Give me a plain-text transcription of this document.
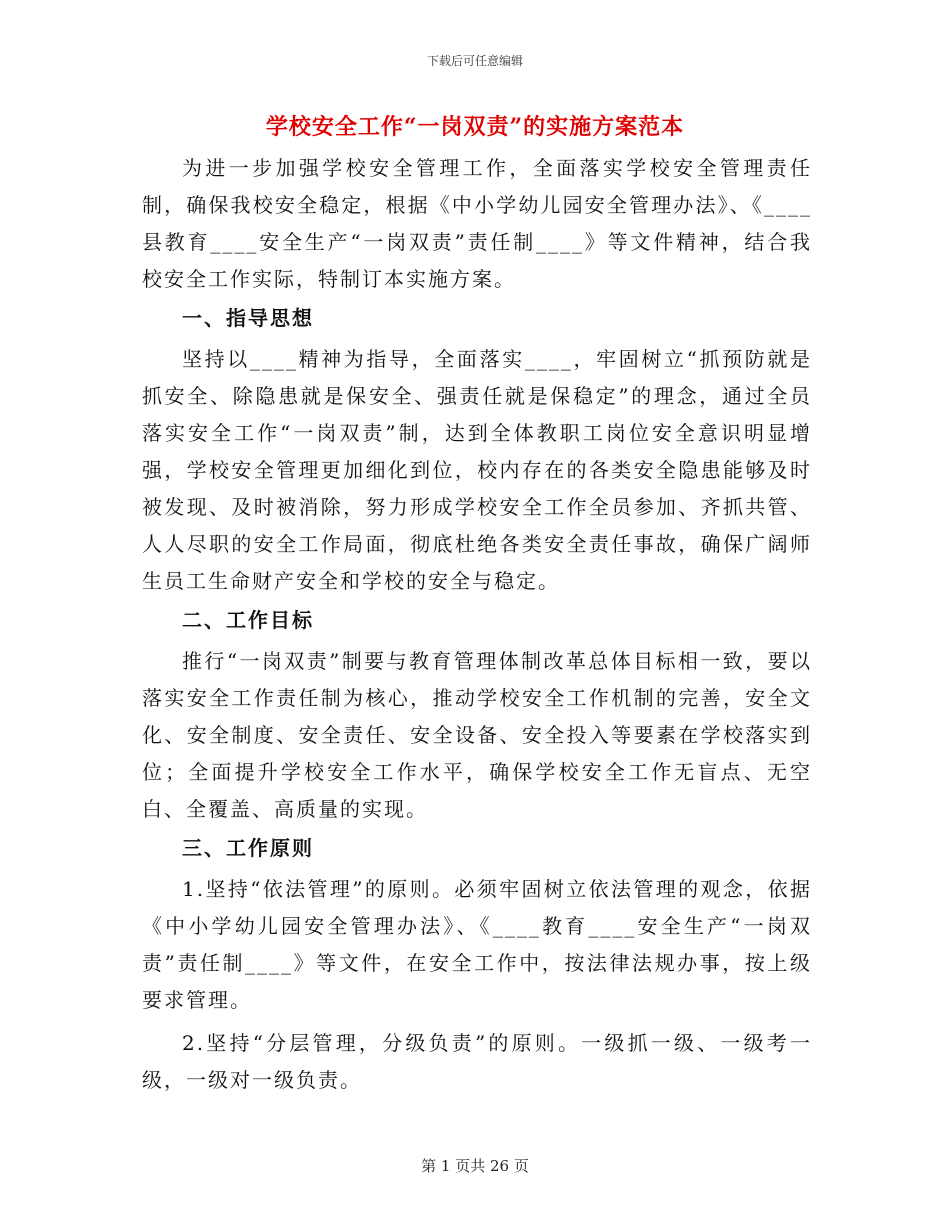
下载后可任意编辑
学校安全工作“一岗双责”的实施方案范本

为进一步加强学校安全管理工作，全面落实学校安全管理责任制，确保我校安全稳定，根据《中小学幼儿园安全管理办法》、《____县教育____安全生产“一岗双责”责任制____》等文件精神，结合我校安全工作实际，特制订本实施方案。

一、指导思想

坚持以____精神为指导，全面落实____，牢固树立“抓预防就是抓安全、除隐患就是保安全、强责任就是保稳定”的理念，通过全员落实安全工作“一岗双责”制，达到全体教职工岗位安全意识明显增强，学校安全管理更加细化到位，校内存在的各类安全隐患能够及时被发现、及时被消除，努力形成学校安全工作全员参加、齐抓共管、人人尽职的安全工作局面，彻底杜绝各类安全责任事故，确保广阔师生员工生命财产安全和学校的安全与稳定。

二、工作目标

推行“一岗双责”制要与教育管理体制改革总体目标相一致，要以落实安全工作责任制为核心，推动学校安全工作机制的完善，安全文化、安全制度、安全责任、安全设备、安全投入等要素在学校落实到位；全面提升学校安全工作水平，确保学校安全工作无盲点、无空白、全覆盖、高质量的实现。

三、工作原则

1.坚持“依法管理”的原则。必须牢固树立依法管理的观念，依据《中小学幼儿园安全管理办法》、《____教育____安全生产“一岗双责”责任制____》等文件，在安全工作中，按法律法规办事，按上级要求管理。

2.坚持“分层管理，分级负责”的原则。一级抓一级、一级考一级，一级对一级负责。

第 1 页共 26 页
